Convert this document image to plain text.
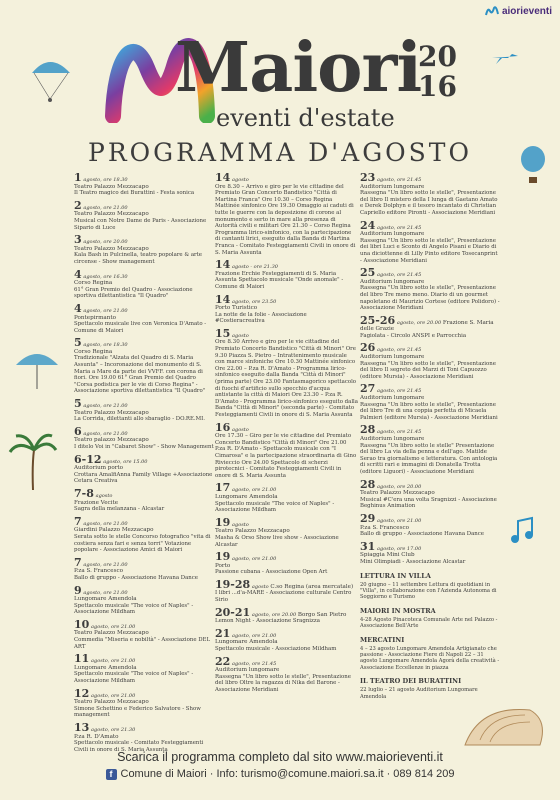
aiorieventi
Maiori
eventi d'estate
20
16
PROGRAMMA D'AGOSTO
1 agosto, ore 18.30
Teatro Palazzo Mezzacapo
Il Teatro magico dei Burattini - Festa sonica
2 agosto, ore 21.00
Teatro Palazzo Mezzacapo
Musical con Notre Dame de Paris - Associazione Sipario di Luce
3 agosto, ore 20.00
Teatro Palazzo Mezzacapo
Kala Bash in Pulcinella, teatro popolare & arte circense - Show management
4 agosto, ore 16.30
Corso Regina
61° Gran Premio del Quadro - Associazione sportiva dilettantistica "Il Quadro"
4 agosto, ore 21.00
Pontepirmanto
Spettacolo musicale live con Veronica D'Amato - Comune di Maiori
5 agosto, ore 18.30
Corso Regina
Tradizionale "Alzata del Quadro di S. Maria Assunta" – Incoronazione del monumento di S. Maria a Mare da parte dei VVFF. con corona di fiori. Ore 19.00 61° Gran Premio del Quadro "Corsa podistica per le vie di Corso Regina" - Associazione sportiva dilettantistica "Il Quadro"
5 agosto, ore 21.00
Teatro Palazzo Mezzacapo
La Corrida, dilettanti allo sbaraglio - DO.RE.MI.
6 agosto, ore 21.00
Teatro palazzo Mezzacapo
I ditelo Voi in "Cabaret Show" - Show Management
6-12 agosto, ore 15.00
Auditorium porto
Crottara AmalfiAnna Family Village +Associazione Cetara Creativa
7-8 agosto
Frazione Vecite
Sagra della melanzana - Alcastar
7 agosto, ore 21.00
Giardini Palazzo Mezzacapo
Serata sotto le stelle Concorso fotografico "vita di costiera senza fari e senza torri" Votazione popolare - Associazione Amici di Maiori
7 agosto, ore 21.00
P.za S. Francesco
Ballo di gruppo - Associazione Havana Dance
9 agosto, ore 21.00
Lungomare Amendola
Spettacolo musicale "The voice of Naples" - Associazione Mildham
10 agosto, ore 21.00
Teatro Palazzo Mezzacapo
Commedia "Miseria e nobiltà" - Associazione DEL ART
11 agosto, ore 21.00
Lungomare Amendola
Spettacolo musicale "The voice of Naples" - Associazione Mildham
12 agosto, ore 21.00
Teatro Palazzo Mezzacapo
Simone Schettino e Federico Salvatore - Show management
13 agosto, ore 21.30
P.za R. D'Amato
Spettacolo musicale - Comitato Festeggiamenti Civili in onore di S. Maria Assunta
14 agosto
Ore 8.30 – Arrivo e giro per le vie cittadine del Premiato Gran Concerto Bandistico "Città di Martina Franca" Ore 10.30 – Corso Regina Mattinée sinfonico Ore 19.30 Omaggio ai caduti di tutte le guerre con la deposizione di corone al monumento e serto in mare alla presenza di Autorità civili e militari Ore 21.30 – Corso Regina Programma lirico-sinfonico, con la partecipazione di cantanti lirici, eseguito dalla Banda di Martina Franca - Comitato Festeggiamenti Civili in onore di S. Maria Assunta
14 agosto - ore 21.30
Frazione Erchie Festeggiamenti di S. Maria Assunta Spettacolo musicale "Onde anomale" - Comune di Maiori
14 agosto, ore 23.50
Porto Turistico
La notte de la folie - Associazione #Costieracreativa
15 agosto
Ore 8.30 Arrivo e giro per le vie cittadine del Premiato Concerto Bandistico "Città di Minori" Ore 9.30 Piazza S. Pietro – Intrattenimento musicale con marce sinfoniche Ore 10.30 Mattinée sinfonico Ore 22.00 – P.za R. D'Amato - Programma lirico-sinfonico eseguito dalla Banda "Città di Minori" (prima parte) Ore 23.00 Fantasmagorico spettacolo di fuochi d'artificio sullo specchio d'acqua antistante la città di Maiori Ore 23.30 – P.za R. D'Amato - Programma lirico-sinfonico eseguito dalla Banda "Città di Minori" (seconda parte) - Comitato Festeggiamenti Civili in onore di S. Maria Assunta
16 agosto
Ore 17.30 – Giro per le vie cittadine del Premiato Concerto Bandistico "Città di Minori" Ore 21.00 P.za R. D'Amato - Spettacolo musicale con "I Cimarosa" e la partecipazione straordinaria di Gino Rivieccio Ore 24.00 Spettacolo di scherzi pirotecnici - Comitato Festeggiamenti Civili in onore di S. Maria Assunta
17 agosto, ore 21.00
Lungomare Amendola
Spettacolo musicale "The voice of Naples" - Associazione Mildham
19 agosto
Teatro Palazzo Mezzacapo
Masha & Orso Show live show - Associazione Alcastar
19 agosto, ore 21.00
Porto
Passione cubana - Associazione Open Art
19-28 agosto C.so Regina (area mercatale)
I libri ...d'a-MARE - Associazione culturale Centro Sirio
20-21 agosto, ore 20.00 Borgo San Pietro
Lemon Night - Associazione Sragnizza
21 agosto, ore 21.00
Lungomare Amendola
Spettacolo musicale - Associazione Mildham
22 agosto, ore 21.45
Auditorium lungomare
Rassegna "Un libro sotto le stelle", Presentazione del libro Oltre la ragazza di Nika del Barone - Associazione Meridiani
23 agosto, ore 21.45
Auditorium lungomare
Rassegna "Un libro sotto le stelle", Presentazione del libro Il mistero della I lunga di Gaetano Amato e Derek Dolphyn e il tesoro incantato di Christian Capriello editore Pironti - Associazione Meridiani
24 agosto, ore 21.45
Auditorium lungomare
Rassegna "Un libro sotto le stelle", Presentazione dei libri Luci e Sconto di Angelo Pisani e Diario di una diciottenne di Lilly Pinto editore Tosecanprint - Associazione Meridiani
25 agosto, ore 21.45
Auditorium lungomare
Rassegna "Un libro sotto le stelle", Presentazione del libro Tre meno meno. Diario di un gourmet napoletano di Maurizio Cortese (editore Polidoro) - Associazione Meridiani
25-26 agosto, ore 20.00 Frazione S. Maria delle Grazie
Fagiolata - Circolo ANSPI e Parrocchia
26 agosto, ore 21.45
Auditorium lungomare
Rassegna "Un libro sotto le stelle", Presentazione del libro Il segreto dei Marzi di Toni Capuozzo (editore Mursia) - Associazione Meridiani
27 agosto, ore 21.45
Auditorium lungomare
Rassegna "Un libro sotto le stelle", Presentazione del libro Tre di una coppia perfetta di Micaela Palmieri (editore Mursia) - Associazione Meridiani
28 agosto, ore 21.45
Auditorium lungomare
Rassegna "Un libro sotto le stelle" Presentazione del libro La via della penna e dell'ago. Matilde Serao tra giornalismo e letteratura. Con antologia di scritti rari e immagini di Donatella Trotta (editore Liguori) - Associazione Meridiani
28 agosto, ore 20.00
Teatro Palazzo Mezzacapo
Musical #C'era una volta Sragnizzi - Associazione Beghinus Animation
29 agosto, ore 21.00
P.za S. Francesco
Ballo di gruppo - Associazione Havana Dance
31 agosto, ore 17.00
Spiaggia Mini Club
Mini Olimpiadi - Associazione Alcastar
LETTURA IN VILLA
20 giugno – 11 settembre Lettura di quotidiani in "Villa", in collaborazione con l'Azienda Autonoma di Soggiorno e Turismo
MAIORI IN MOSTRA
4-28 Agosto Pinacoteca Comunale Arte nel Palazzo - Associazione Bell'Arte
MERCATINI
4 – 23 agosto Lungomare Amendola Artigianato che passione - Associazione Fiere di Napoli 22 – 31 agosto Lungomare Amendola Agorà della creatività - Associazione Eccellenze in piazza
IL TEATRO DEI BURATTINI
22 luglio – 21 agosto Auditorium Lungomare Amendola
Scarica il programma completo dal sito www.maiorieventi.it
f Comune di Maiori · Info: turismo@comune.maiori.sa.it · 089 814 209
